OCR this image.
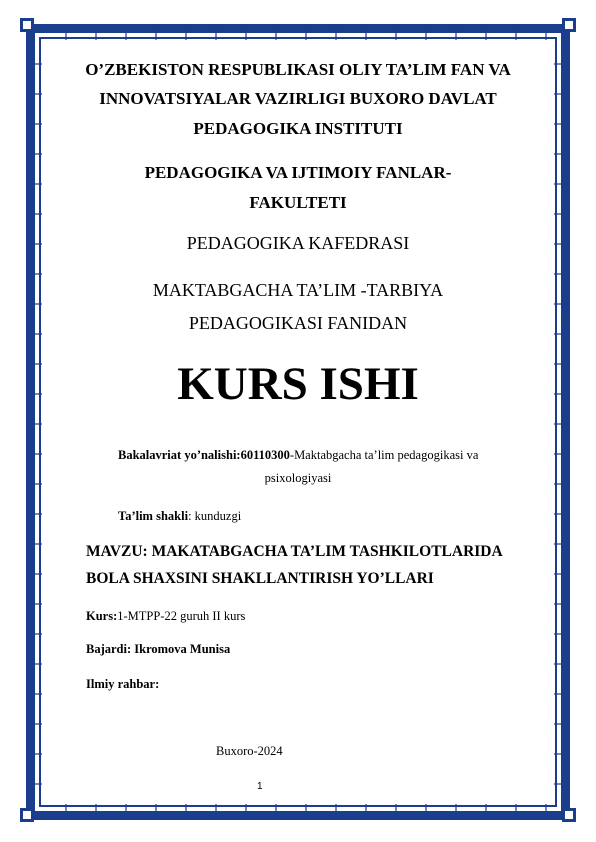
O’ZBEKISTON RESPUBLIKASI OLIY TA’LIM FAN VA
INNOVATSIYALAR VAZIRLIGI BUXORO DAVLAT
PEDAGOGIKA INSTITUTI
PEDAGOGIKA VA IJTIMOIY FANLAR-
FAKULTETI
PEDAGOGIKA KAFEDRASI
MAKTABGACHA TA’LIM -TARBIYA
PEDAGOGIKASI FANIDAN
KURS ISHI
Bakalavriat yo’nalishi:60110300-Maktabgacha ta’lim pedagogikasi va
psixologiyasi
Ta’lim shakli: kunduzgi
MAVZU: MAKATABGACHA TA’LIM TASHKILOTLARIDA
BOLA SHAXSINI SHAKLLANTIRISH YO’LLARI
Kurs:1-MTPP-22 guruh II kurs
Bajardi: Ikromova Munisa
Ilmiy rahbar:
Buxoro-2024
1
